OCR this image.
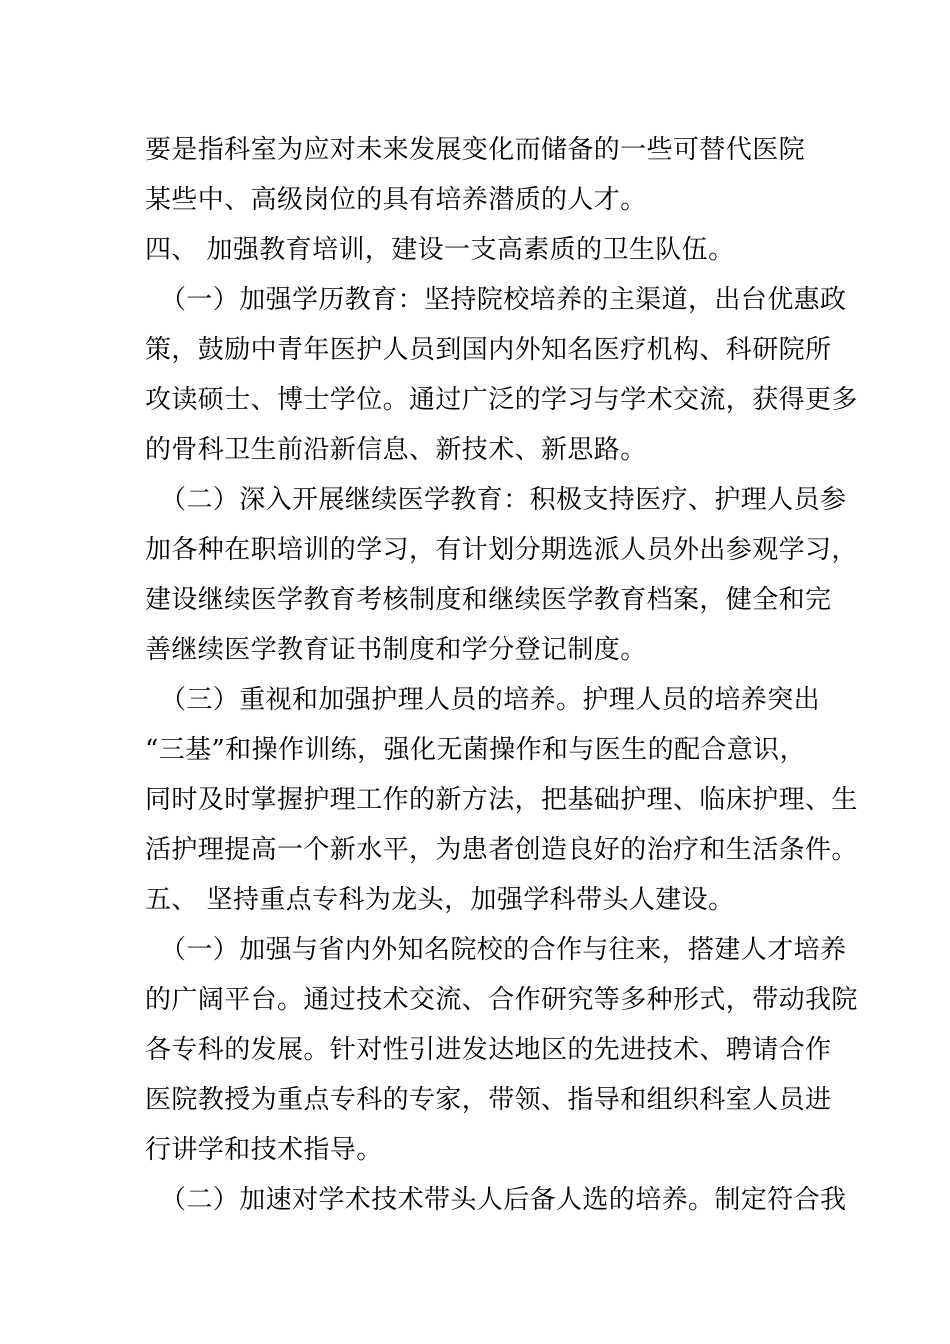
要是指科室为应对未来发展变化而储备的一些可替代医院
某些中、高级岗位的具有培养潜质的人才。
四、 加强教育培训，建设一支高素质的卫生队伍。
（一）加强学历教育：坚持院校培养的主渠道，出台优惠政
策，鼓励中青年医护人员到国内外知名医疗机构、科研院所
攻读硕士、博士学位。通过广泛的学习与学术交流，获得更多
的骨科卫生前沿新信息、新技术、新思路。
（二）深入开展继续医学教育：积极支持医疗、护理人员参
加各种在职培训的学习，有计划分期选派人员外出参观学习，
建设继续医学教育考核制度和继续医学教育档案，健全和完
善继续医学教育证书制度和学分登记制度。
（三）重视和加强护理人员的培养。护理人员的培养突出
“三基”和操作训练，强化无菌操作和与医生的配合意识，
同时及时掌握护理工作的新方法，把基础护理、临床护理、生
活护理提高一个新水平，为患者创造良好的治疗和生活条件。
五、 坚持重点专科为龙头，加强学科带头人建设。
（一）加强与省内外知名院校的合作与往来，搭建人才培养
的广阔平台。通过技术交流、合作研究等多种形式，带动我院
各专科的发展。针对性引进发达地区的先进技术、聘请合作
医院教授为重点专科的专家，带领、指导和组织科室人员进
行讲学和技术指导。
（二）加速对学术技术带头人后备人选的培养。制定符合我
